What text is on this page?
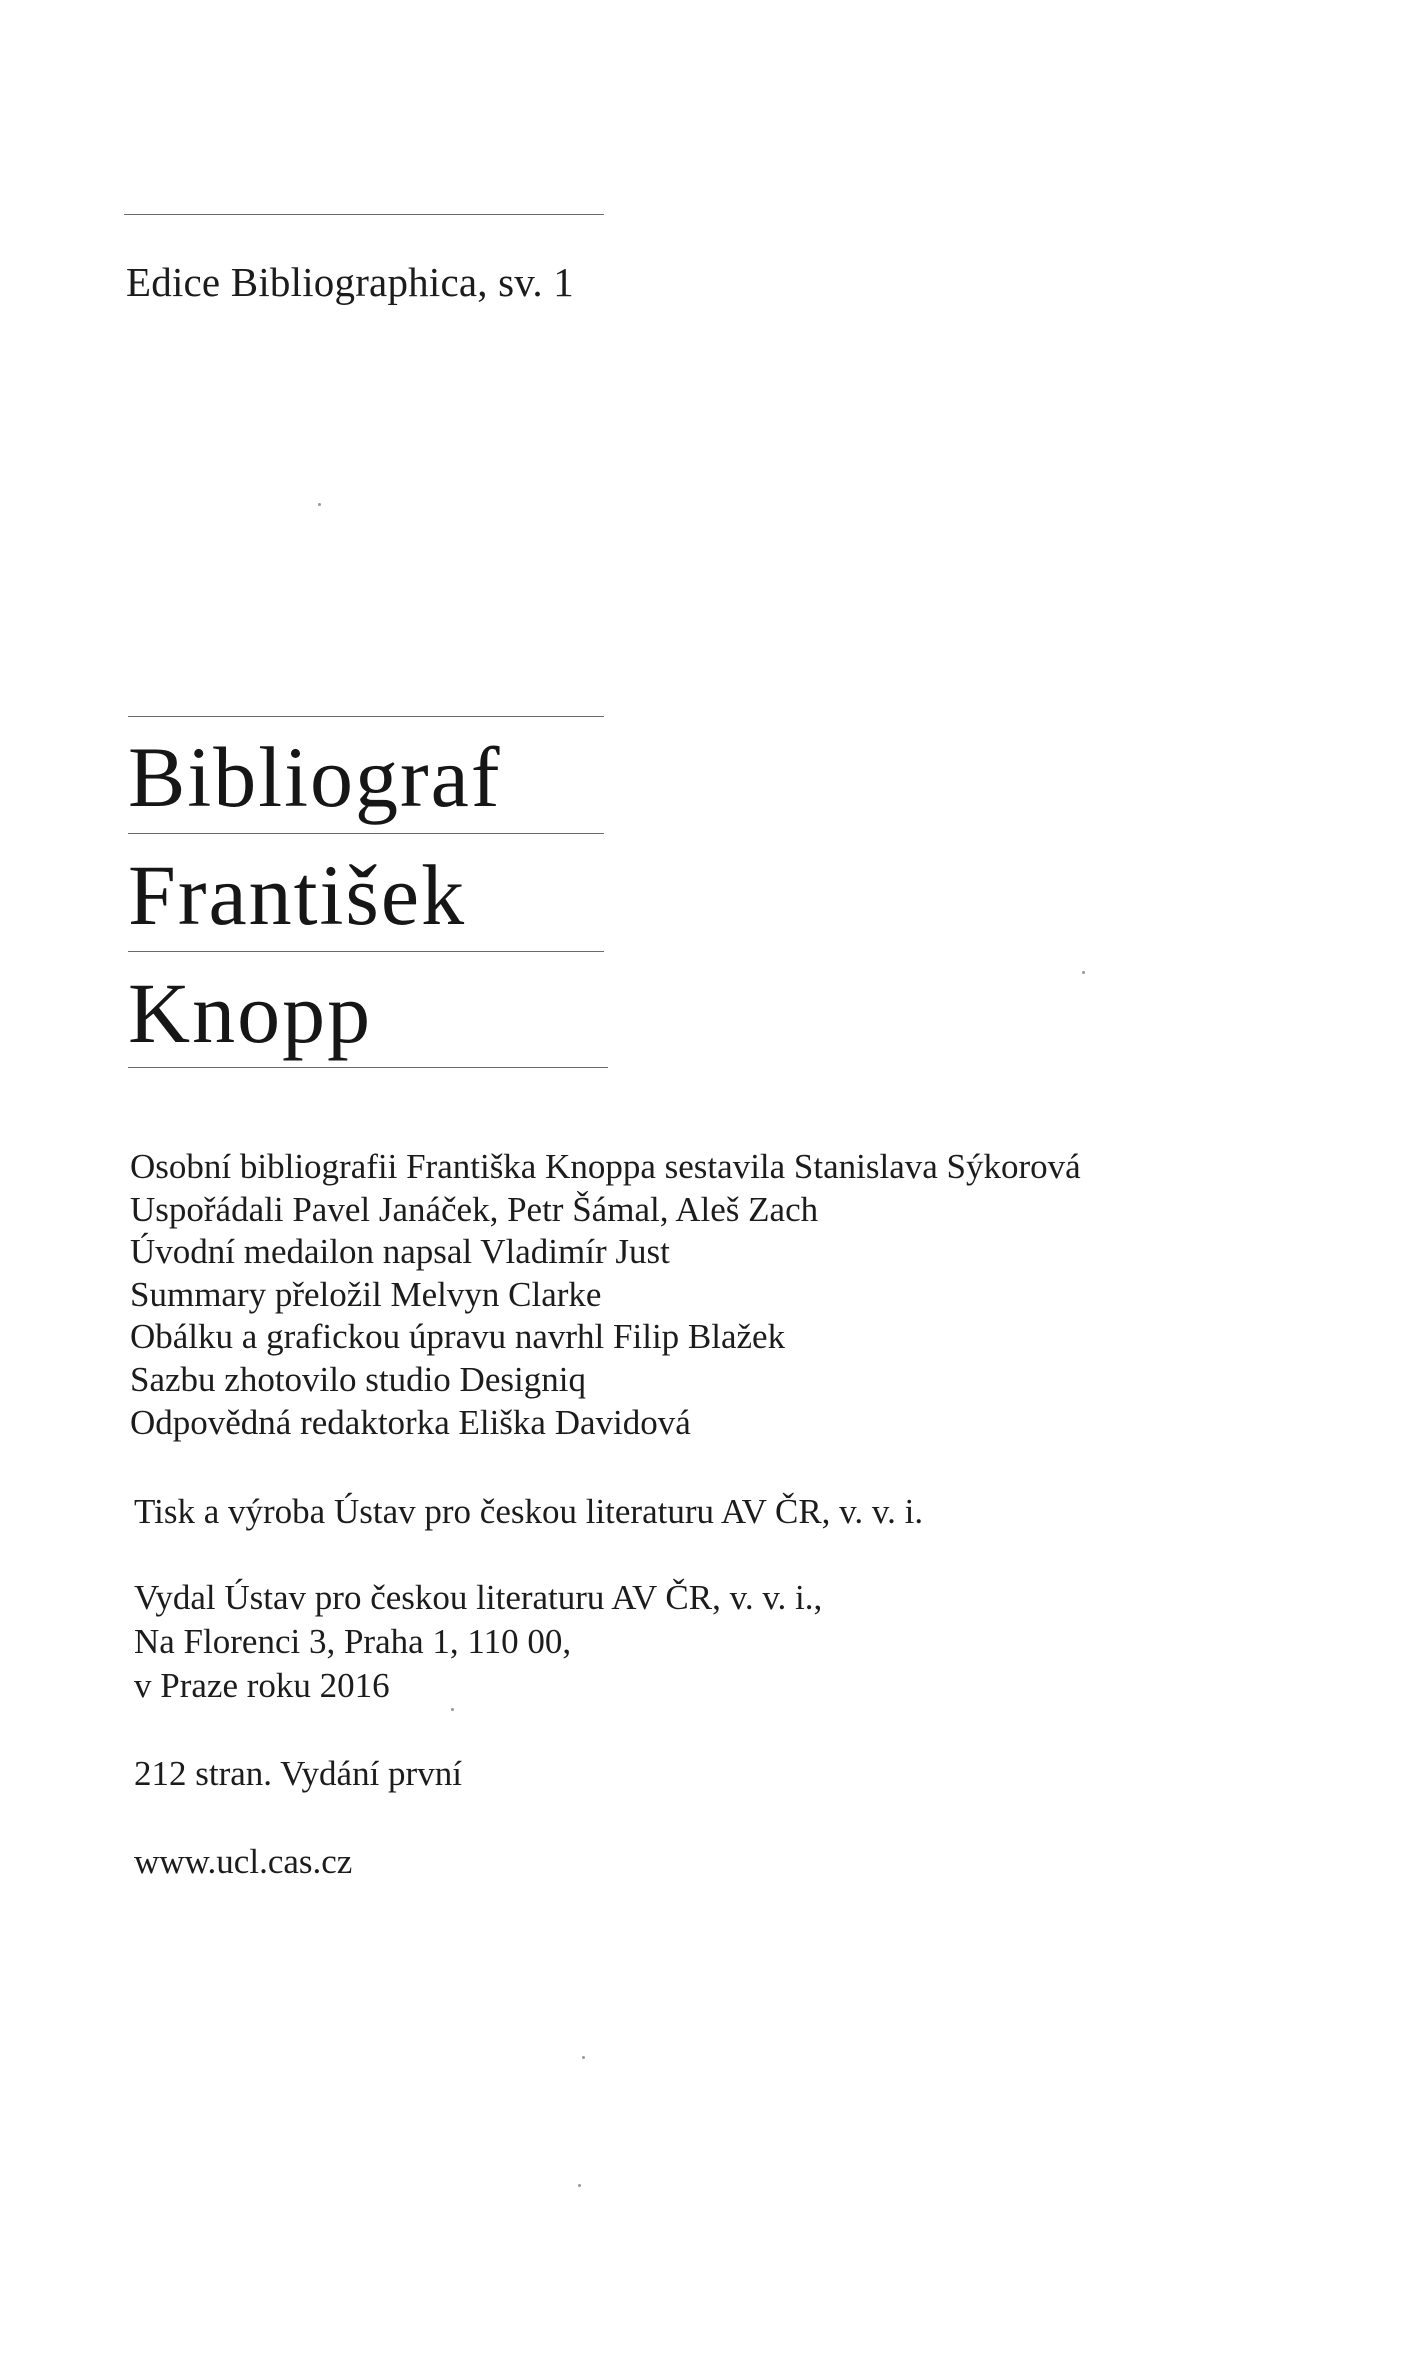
Edice Bibliographica, sv. 1
Bibliograf
František
Knopp
Osobní bibliografii Františka Knoppa sestavila Stanislava Sýkorová
Uspořádali Pavel Janáček, Petr Šámal, Aleš Zach
Úvodní medailon napsal Vladimír Just
Summary přeložil Melvyn Clarke
Obálku a grafickou úpravu navrhl Filip Blažek
Sazbu zhotovilo studio Designiq
Odpovědná redaktorka Eliška Davidová
Tisk a výroba Ústav pro českou literaturu AV ČR, v. v. i.
Vydal Ústav pro českou literaturu AV ČR, v. v. i.,
Na Florenci 3, Praha 1, 110 00,
v Praze roku 2016
212 stran. Vydání první
www.ucl.cas.cz
